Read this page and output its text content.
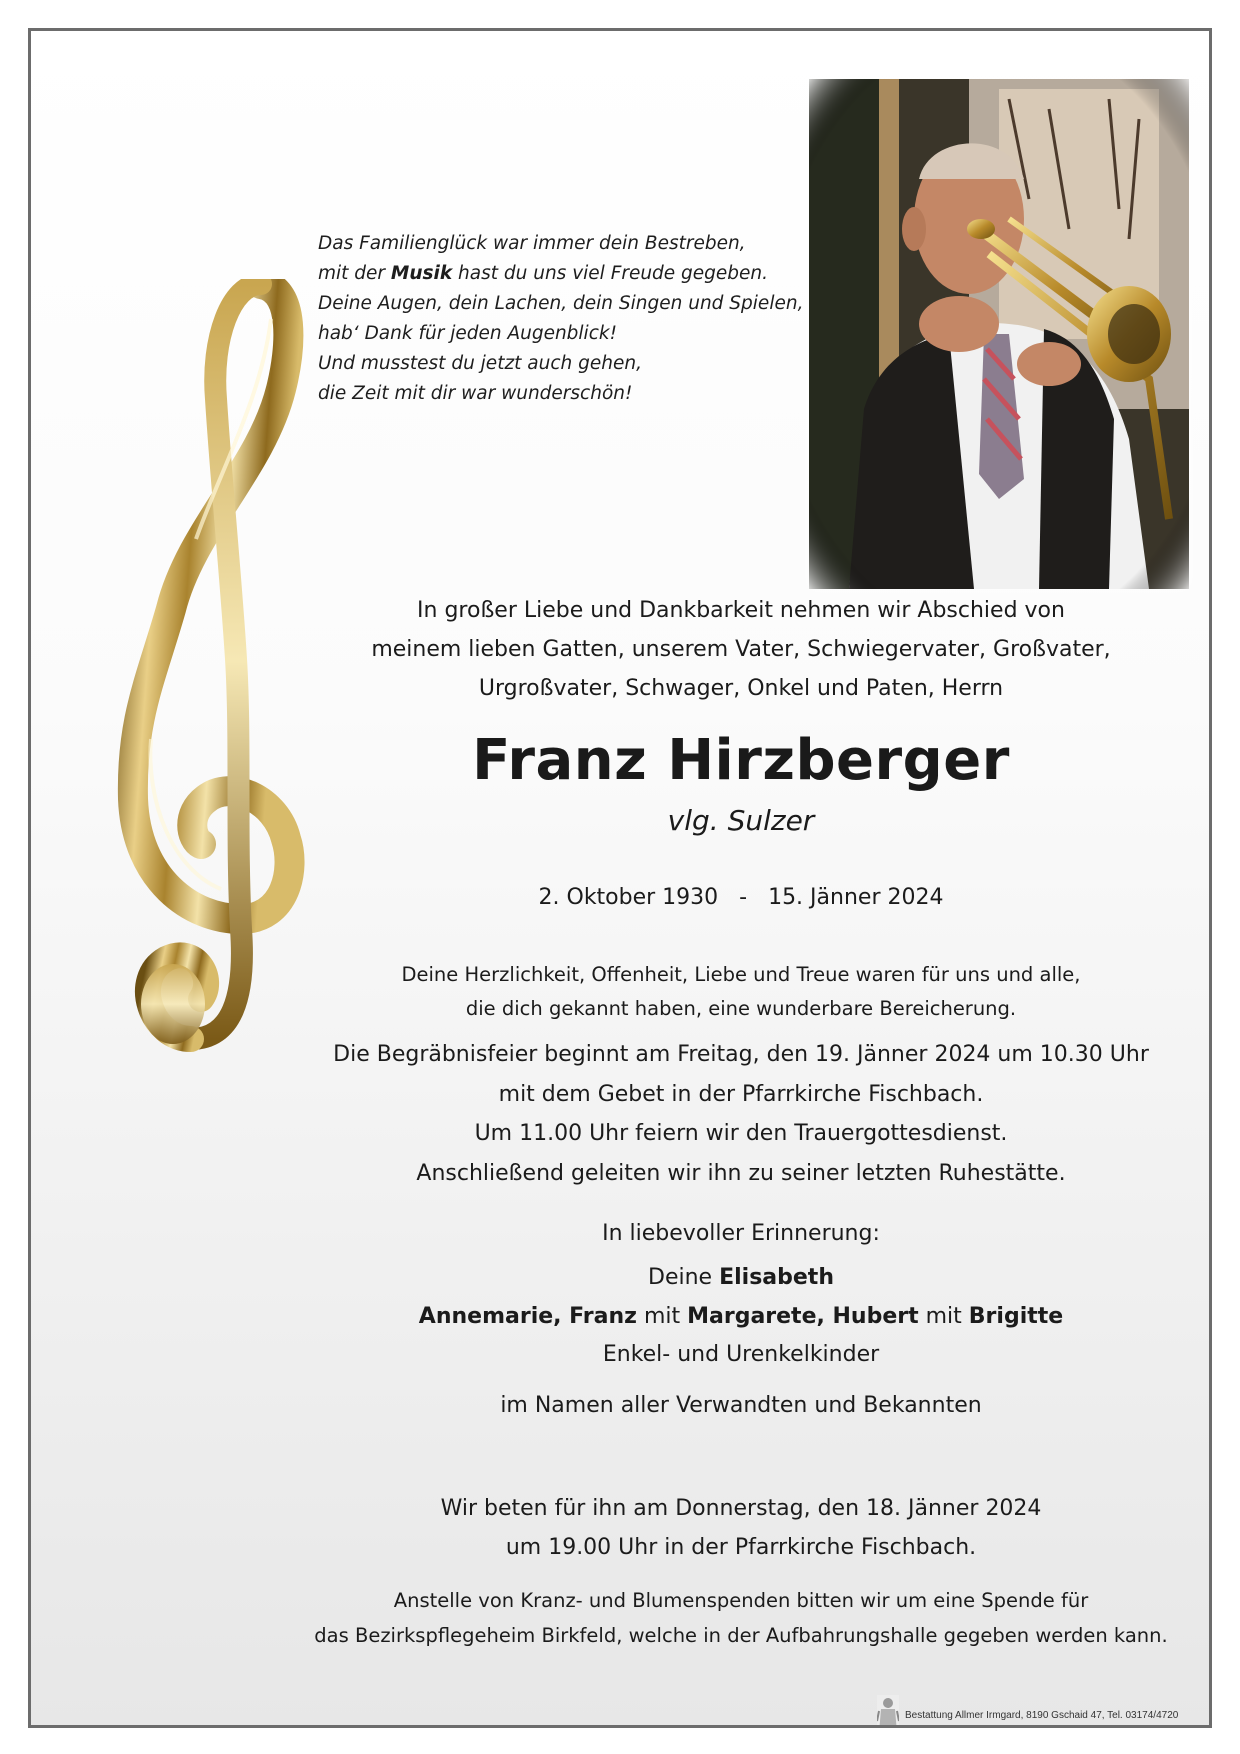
Das Familienglück war immer dein Bestreben,
mit der Musik hast du uns viel Freude gegeben.
Deine Augen, dein Lachen, dein Singen und Spielen,
hab‘ Dank für jeden Augenblick!
Und musstest du jetzt auch gehen,
die Zeit mit dir war wunderschön!
In großer Liebe und Dankbarkeit nehmen wir Abschied von
meinem lieben Gatten, unserem Vater, Schwiegervater, Großvater,
Urgroßvater, Schwager, Onkel und Paten, Herrn
Franz Hirzberger
vlg. Sulzer
2. Oktober 1930   -   15. Jänner 2024
Deine Herzlichkeit, Offenheit, Liebe und Treue waren für uns und alle,
die dich gekannt haben, eine wunderbare Bereicherung.
Die Begräbnisfeier beginnt am Freitag, den 19. Jänner 2024 um 10.30 Uhr
mit dem Gebet in der Pfarrkirche Fischbach.
Um 11.00 Uhr feiern wir den Trauergottesdienst.
Anschließend geleiten wir ihn zu seiner letzten Ruhestätte.
In liebevoller Erinnerung:
Deine Elisabeth
Annemarie, Franz mit Margarete, Hubert mit Brigitte
Enkel- und Urenkelkinder
im Namen aller Verwandten und Bekannten
Wir beten für ihn am Donnerstag, den 18. Jänner 2024
um 19.00 Uhr in der Pfarrkirche Fischbach.
Anstelle von Kranz- und Blumenspenden bitten wir um eine Spende für
das Bezirkspflegeheim Birkfeld, welche in der Aufbahrungshalle gegeben werden kann.
Bestattung Allmer Irmgard, 8190 Gschaid 47, Tel. 03174/4720
